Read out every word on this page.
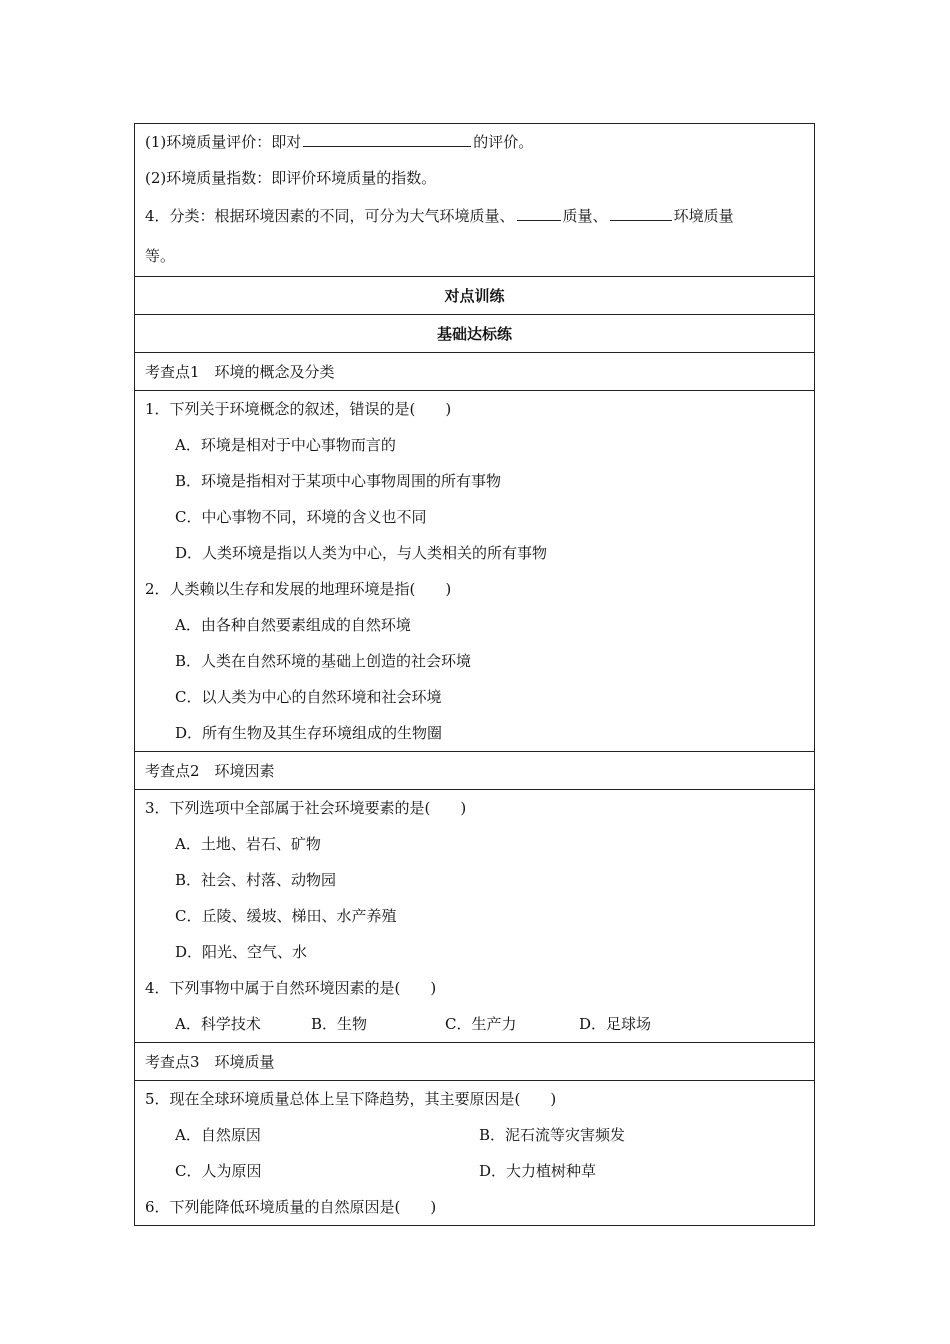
(1)环境质量评价：即对	的评价。
(2)环境质量指数：即评价环境质量的指数。
4．分类：根据环境因素的不同，可分为大气环境质量、	质量、	环境质量
等。
对点训练
基础达标练
考查点1　环境的概念及分类
1．下列关于环境概念的叙述，错误的是(　　)
A．环境是相对于中心事物而言的
B．环境是指相对于某项中心事物周围的所有事物
C．中心事物不同，环境的含义也不同
D．人类环境是指以人类为中心，与人类相关的所有事物
2．人类赖以生存和发展的地理环境是指(　　)
A．由各种自然要素组成的自然环境
B．人类在自然环境的基础上创造的社会环境
C．以人类为中心的自然环境和社会环境
D．所有生物及其生存环境组成的生物圈
考查点2　环境因素
3．下列选项中全部属于社会环境要素的是(　　)
A．土地、岩石、矿物
B．社会、村落、动物园
C．丘陵、缓坡、梯田、水产养殖
D．阳光、空气、水
4．下列事物中属于自然环境因素的是(　　)
A．科学技术	B．生物	C．生产力	D．足球场
考查点3　环境质量
5．现在全球环境质量总体上呈下降趋势，其主要原因是(　　)
A．自然原因	B．泥石流等灾害频发
C．人为原因	D．大力植树种草
6．下列能降低环境质量的自然原因是(　　)
